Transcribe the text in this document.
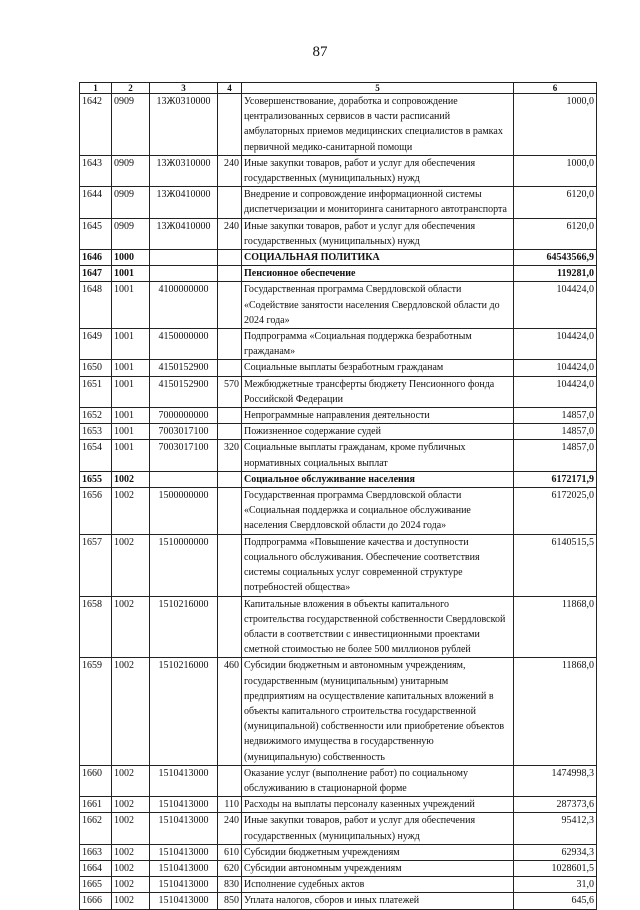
87
1	2	3	4	5	6
1642	0909	13Ж0310000		Усовершенствование, доработка и сопровождение централизованных сервисов в части расписаний амбулаторных приемов медицинских специалистов в рамках первичной медико-санитарной помощи	1000,0
1643	0909	13Ж0310000	240	Иные закупки товаров, работ и услуг для обеспечения государственных (муниципальных) нужд	1000,0
1644	0909	13Ж0410000		Внедрение и сопровождение информационной системы диспетчеризации и мониторинга санитарного автотранспорта	6120,0
1645	0909	13Ж0410000	240	Иные закупки товаров, работ и услуг для обеспечения государственных (муниципальных) нужд	6120,0
1646	1000			СОЦИАЛЬНАЯ ПОЛИТИКА	64543566,9
1647	1001			Пенсионное обеспечение	119281,0
1648	1001	4100000000		Государственная программа Свердловской области «Содействие занятости населения Свердловской области до 2024 года»	104424,0
1649	1001	4150000000		Подпрограмма «Социальная поддержка безработным гражданам»	104424,0
1650	1001	4150152900		Социальные выплаты безработным гражданам	104424,0
1651	1001	4150152900	570	Межбюджетные трансферты бюджету Пенсионного фонда Российской Федерации	104424,0
1652	1001	7000000000		Непрограммные направления деятельности	14857,0
1653	1001	7003017100		Пожизненное содержание судей	14857,0
1654	1001	7003017100	320	Социальные выплаты гражданам, кроме публичных нормативных социальных выплат	14857,0
1655	1002			Социальное обслуживание населения	6172171,9
1656	1002	1500000000		Государственная программа Свердловской области «Социальная поддержка и социальное обслуживание населения Свердловской области до 2024 года»	6172025,0
1657	1002	1510000000		Подпрограмма «Повышение качества и доступности социального обслуживания. Обеспечение соответствия системы социальных услуг современной структуре потребностей общества»	6140515,5
1658	1002	1510216000		Капитальные вложения в объекты капитального строительства государственной собственности Свердловской области в соответствии с инвестиционными проектами сметной стоимостью не более 500 миллионов рублей	11868,0
1659	1002	1510216000	460	Субсидии бюджетным и автономным учреждениям, государственным (муниципальным) унитарным предприятиям на осуществление капитальных вложений в объекты капитального строительства государственной (муниципальной) собственности или приобретение объектов недвижимого имущества в государственную (муниципальную) собственность	11868,0
1660	1002	1510413000		Оказание услуг (выполнение работ) по социальному обслуживанию в стационарной форме	1474998,3
1661	1002	1510413000	110	Расходы на выплаты персоналу казенных учреждений	287373,6
1662	1002	1510413000	240	Иные закупки товаров, работ и услуг для обеспечения государственных (муниципальных) нужд	95412,3
1663	1002	1510413000	610	Субсидии бюджетным учреждениям	62934,3
1664	1002	1510413000	620	Субсидии автономным учреждениям	1028601,5
1665	1002	1510413000	830	Исполнение судебных актов	31,0
1666	1002	1510413000	850	Уплата налогов, сборов и иных платежей	645,6
